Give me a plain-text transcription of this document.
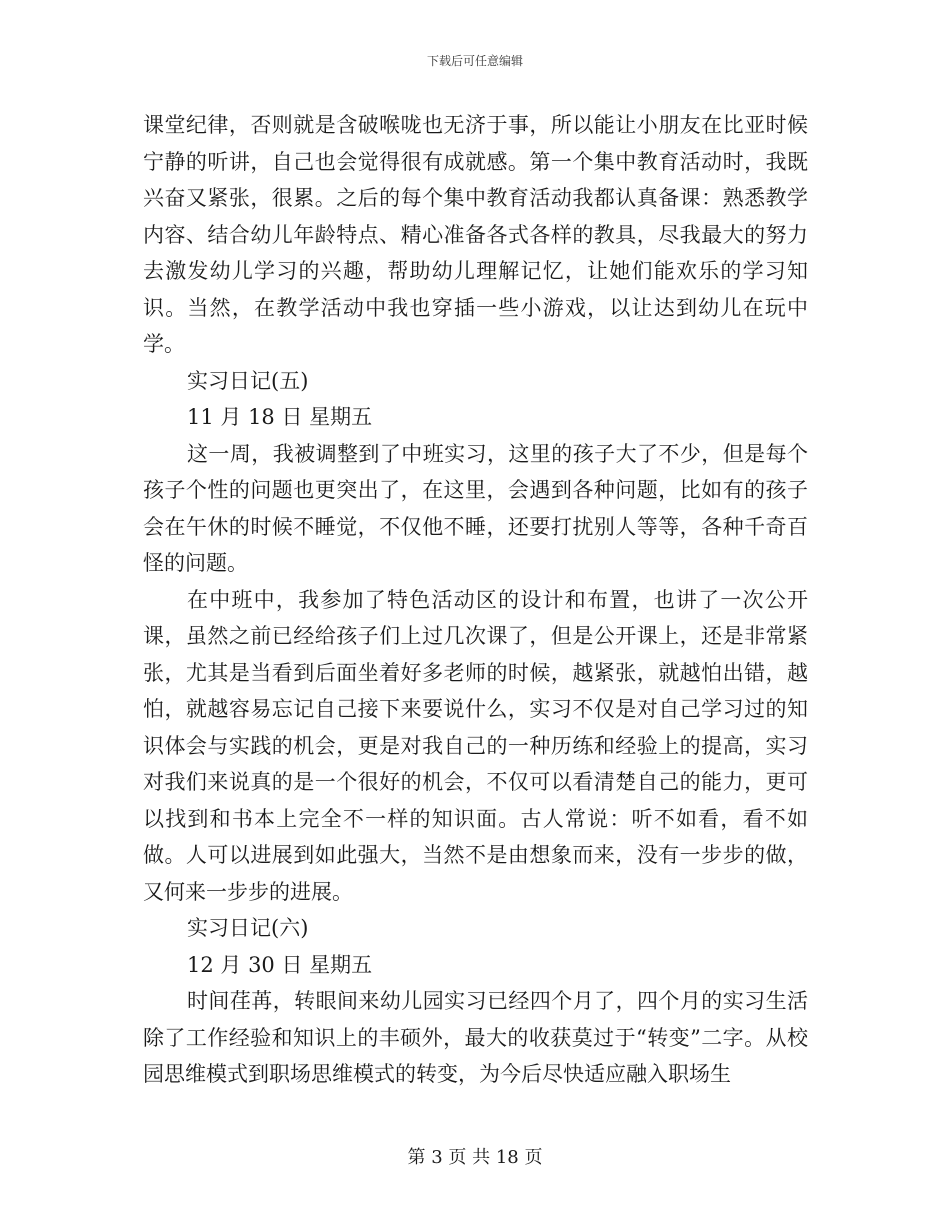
下载后可任意编辑

课堂纪律，否则就是含破喉咙也无济于事，所以能让小朋友在比亚时候宁静的听讲，自己也会觉得很有成就感。第一个集中教育活动时，我既兴奋又紧张，很累。之后的每个集中教育活动我都认真备课：熟悉教学内容、结合幼儿年龄特点、精心准备各式各样的教具，尽我最大的努力去激发幼儿学习的兴趣，帮助幼儿理解记忆，让她们能欢乐的学习知识。当然，在教学活动中我也穿插一些小游戏，以让达到幼儿在玩中学。

实习日记(五)

11 月 18 日 星期五

这一周，我被调整到了中班实习，这里的孩子大了不少，但是每个孩子个性的问题也更突出了，在这里，会遇到各种问题，比如有的孩子会在午休的时候不睡觉，不仅他不睡，还要打扰别人等等，各种千奇百怪的问题。

在中班中，我参加了特色活动区的设计和布置，也讲了一次公开课，虽然之前已经给孩子们上过几次课了，但是公开课上，还是非常紧张，尤其是当看到后面坐着好多老师的时候，越紧张，就越怕出错，越怕，就越容易忘记自己接下来要说什么，实习不仅是对自己学习过的知识体会与实践的机会，更是对我自己的一种历练和经验上的提高，实习对我们来说真的是一个很好的机会，不仅可以看清楚自己的能力，更可以找到和书本上完全不一样的知识面。古人常说：听不如看，看不如做。人可以进展到如此强大，当然不是由想象而来，没有一步步的做，又何来一步步的进展。

实习日记(六)

12 月 30 日 星期五

时间荏苒，转眼间来幼儿园实习已经四个月了，四个月的实习生活除了工作经验和知识上的丰硕外，最大的收获莫过于“转变”二字。从校园思维模式到职场思维模式的转变，为今后尽快适应融入职场生

第 3 页 共 18 页
